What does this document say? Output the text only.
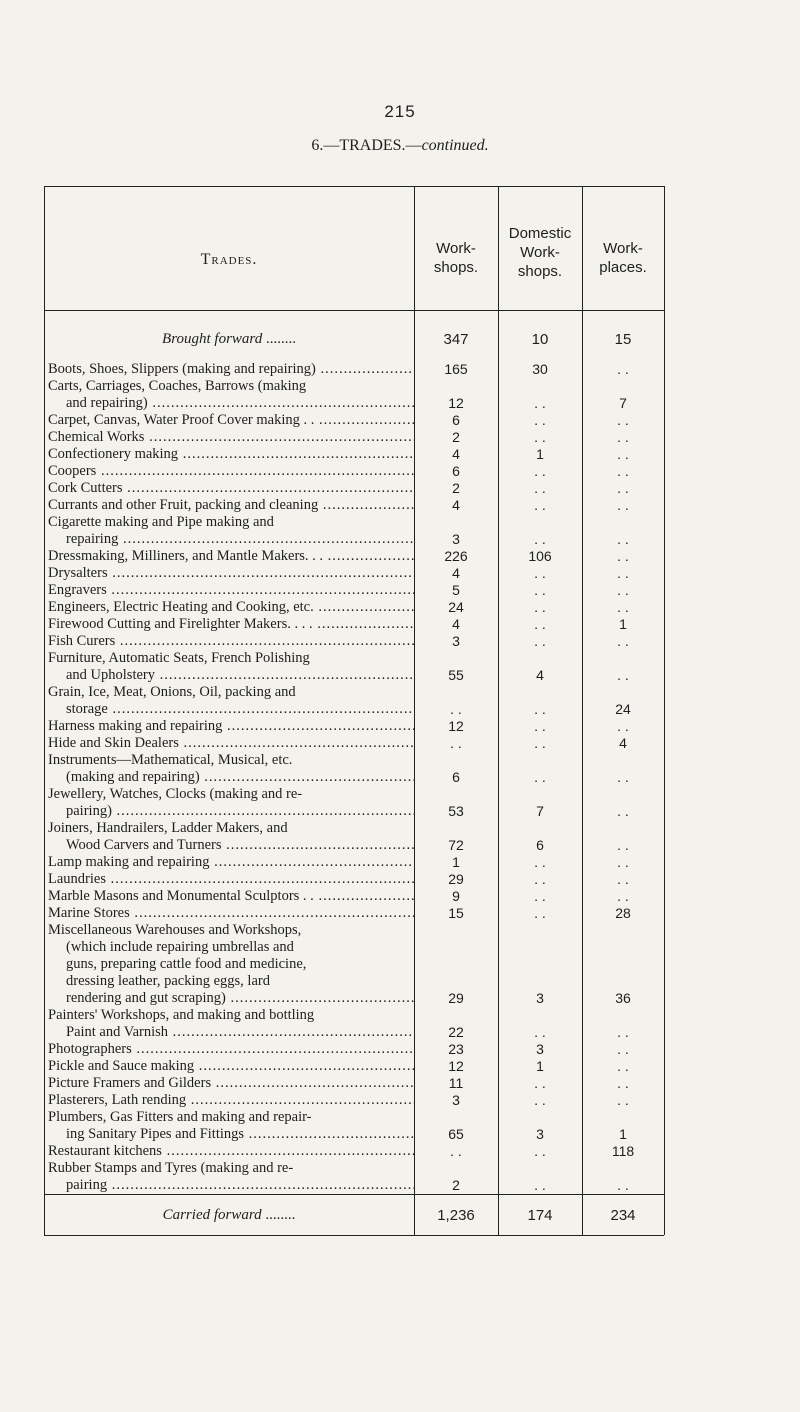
215
6.—TRADES.—continued.
Trades.
Work-
shops.
Domestic
Work-
shops.
Work-
places.
Brought forward .....	347	10	15
Boots, Shoes, Slippers (making and repairing) .....	165	30	. .
Carts, Carriages, Coaches, Barrows (making
and repairing) .....	12	. .	7
Carpet, Canvas, Water Proof Cover making . . .....	6	. .	. .
Chemical Works .....	2	. .	. .
Confectionery making .....	4	1	. .
Coopers .....	6	. .	. .
Cork Cutters .....	2	. .	. .
Currants and other Fruit, packing and cleaning .....	4	. .	. .
Cigarette making and Pipe making and
repairing .....	3	. .	. .
Dressmaking, Milliners, and Mantle Makers. . . .....	226	106	. .
Drysalters .....	4	. .	. .
Engravers .....	5	. .	. .
Engineers, Electric Heating and Cooking, etc. .....	24	. .	. .
Firewood Cutting and Firelighter Makers. . . . .....	4	. .	1
Fish Curers .....	3	. .	. .
Furniture, Automatic Seats, French Polishing
and Upholstery .....	55	4	. .
Grain, Ice, Meat, Onions, Oil, packing and
storage .....	. .	. .	24
Harness making and repairing .....	12	. .	. .
Hide and Skin Dealers .....	. .	. .	4
Instruments—Mathematical, Musical, etc.
(making and repairing) .....	6	. .	. .
Jewellery, Watches, Clocks (making and re-
pairing) .....	53	7	. .
Joiners, Handrailers, Ladder Makers, and
Wood Carvers and Turners .....	72	6	. .
Lamp making and repairing .....	1	. .	. .
Laundries .....	29	. .	. .
Marble Masons and Monumental Sculptors . . .....	9	. .	. .
Marine Stores .....	15	. .	28
Miscellaneous Warehouses and Workshops,
(which include repairing umbrellas and
guns, preparing cattle food and medicine,
dressing leather, packing eggs, lard
rendering and gut scraping) .....	29	3	36
Painters' Workshops, and making and bottling
Paint and Varnish .....	22	. .	. .
Photographers .....	23	3	. .
Pickle and Sauce making .....	12	1	. .
Picture Framers and Gilders .....	11	. .	. .
Plasterers, Lath rending .....	3	. .	. .
Plumbers, Gas Fitters and making and repair-
ing Sanitary Pipes and Fittings .....	65	3	1
Restaurant kitchens .....	. .	. .	118
Rubber Stamps and Tyres (making and re-
pairing .....	2	. .	. .
Carried forward .....	1,236	174	234
